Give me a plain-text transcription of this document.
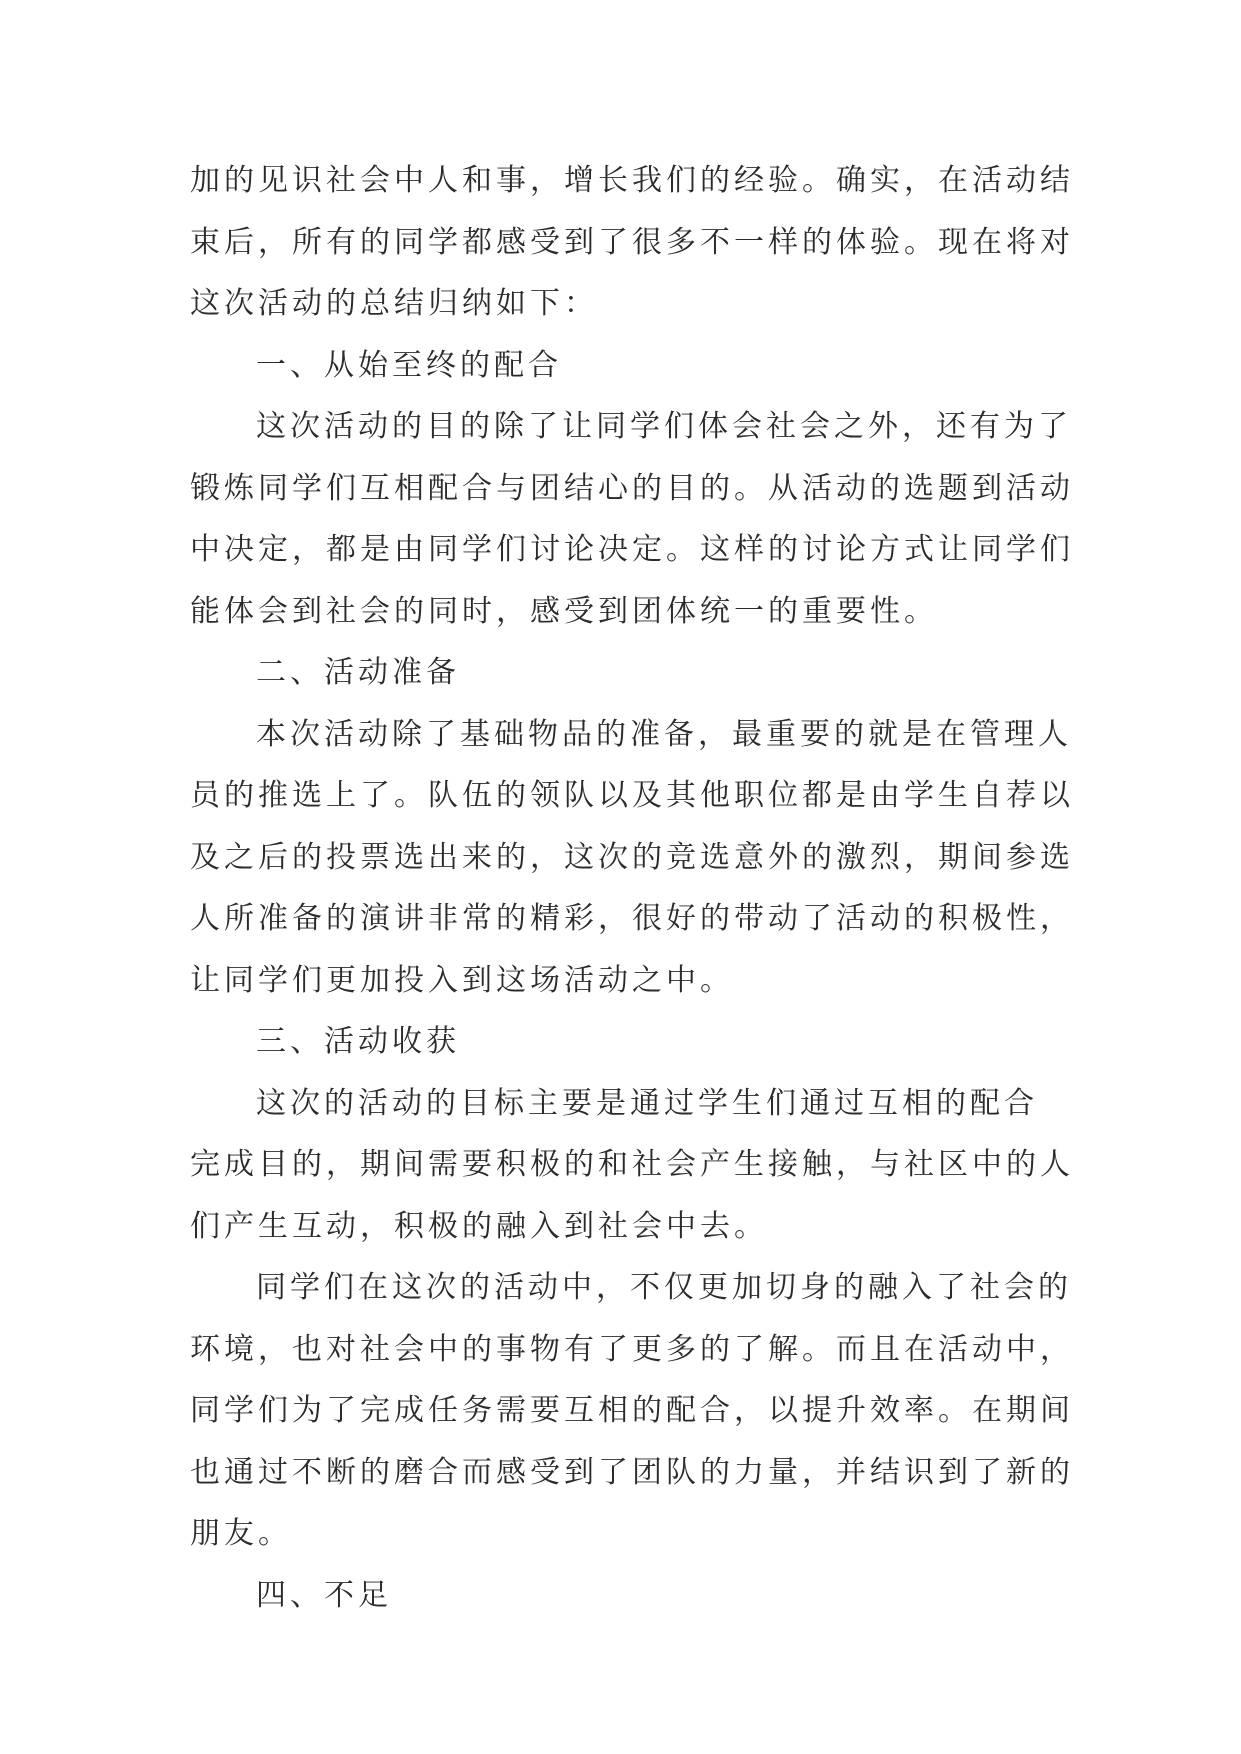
加的见识社会中人和事，增长我们的经验。确实，在活动结
束后，所有的同学都感受到了很多不一样的体验。现在将对
这次活动的总结归纳如下：
一、从始至终的配合
这次活动的目的除了让同学们体会社会之外，还有为了
锻炼同学们互相配合与团结心的目的。从活动的选题到活动
中决定，都是由同学们讨论决定。这样的讨论方式让同学们
能体会到社会的同时，感受到团体统一的重要性。
二、活动准备
本次活动除了基础物品的准备，最重要的就是在管理人
员的推选上了。队伍的领队以及其他职位都是由学生自荐以
及之后的投票选出来的，这次的竞选意外的激烈，期间参选
人所准备的演讲非常的精彩，很好的带动了活动的积极性，
让同学们更加投入到这场活动之中。
三、活动收获
这次的活动的目标主要是通过学生们通过互相的配合
完成目的，期间需要积极的和社会产生接触，与社区中的人
们产生互动，积极的融入到社会中去。
同学们在这次的活动中，不仅更加切身的融入了社会的
环境，也对社会中的事物有了更多的了解。而且在活动中，
同学们为了完成任务需要互相的配合，以提升效率。在期间
也通过不断的磨合而感受到了团队的力量，并结识到了新的
朋友。
四、不足
